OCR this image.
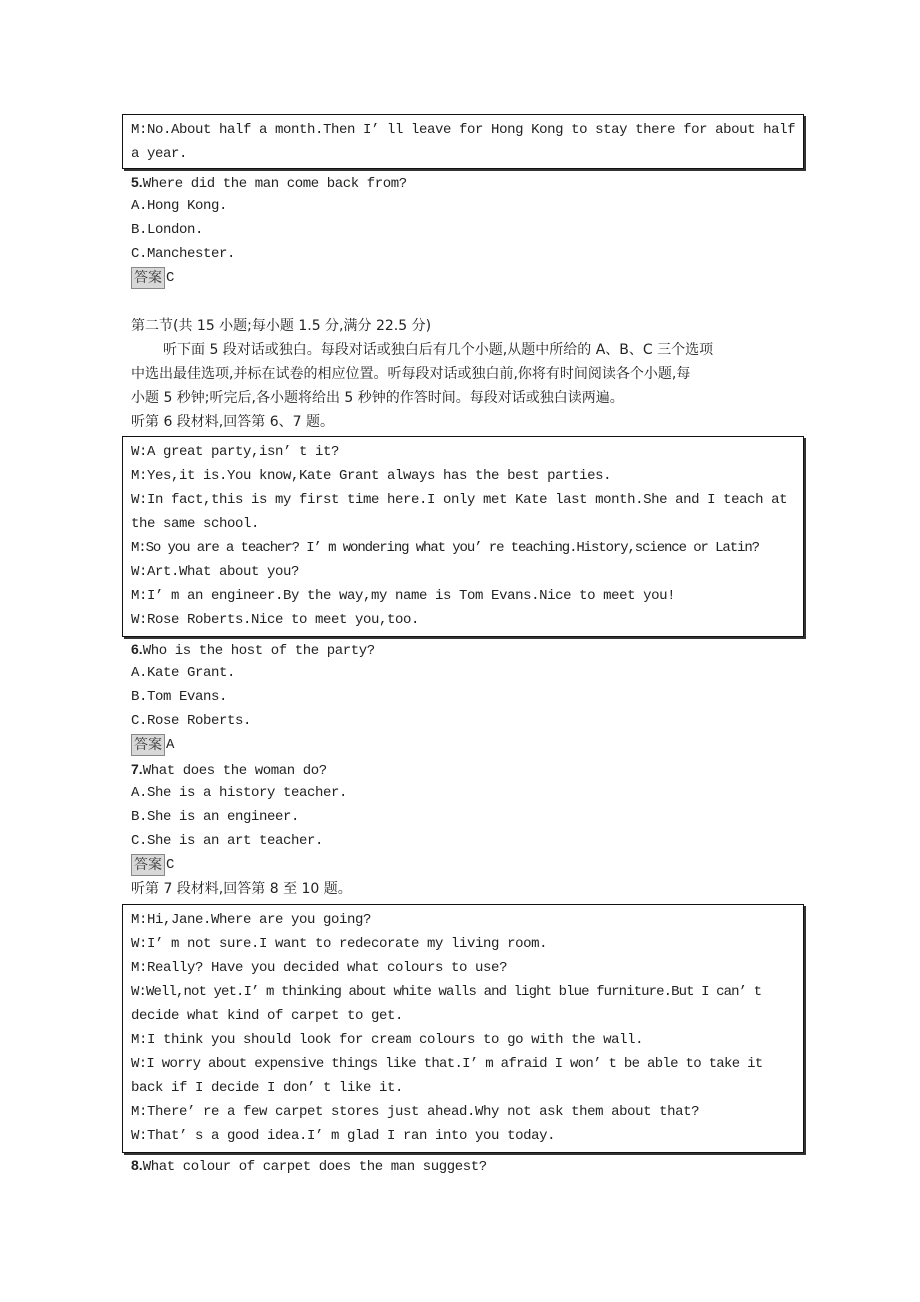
M:No.About half a month.Then I’ ll leave for Hong Kong to stay there for about half
a year.
5.Where did the man come back from?
A.Hong Kong.
B.London.
C.Manchester.
答案 C
第二节(共 15 小题;每小题 1.5 分,满分 22.5 分)
听下面 5 段对话或独白。每段对话或独白后有几个小题,从题中所给的 A、B、C 三个选项
中选出最佳选项,并标在试卷的相应位置。听每段对话或独白前,你将有时间阅读各个小题,每
小题 5 秒钟;听完后,各小题将给出 5 秒钟的作答时间。每段对话或独白读两遍。
听第 6 段材料,回答第 6、7 题。
W:A great party,isn’ t it?
M:Yes,it is.You know,Kate Grant always has the best parties.
W:In fact,this is my first time here.I only met Kate last month.She and I teach at
the same school.
M:So you are a teacher? I’ m wondering what you’ re teaching.History,science or Latin?
W:Art.What about you?
M:I’ m an engineer.By the way,my name is Tom Evans.Nice to meet you!
W:Rose Roberts.Nice to meet you,too.
6.Who is the host of the party?
A.Kate Grant.
B.Tom Evans.
C.Rose Roberts.
答案 A
7.What does the woman do?
A.She is a history teacher.
B.She is an engineer.
C.She is an art teacher.
答案 C
听第 7 段材料,回答第 8 至 10 题。
M:Hi,Jane.Where are you going?
W:I’ m not sure.I want to redecorate my living room.
M:Really? Have you decided what colours to use?
W:Well,not yet.I’ m thinking about white walls and light blue furniture.But I can’ t
decide what kind of carpet to get.
M:I think you should look for cream colours to go with the wall.
W:I worry about expensive things like that.I’ m afraid I won’ t be able to take it
back if I decide I don’ t like it.
M:There’ re a few carpet stores just ahead.Why not ask them about that?
W:That’ s a good idea.I’ m glad I ran into you today.
8.What colour of carpet does the man suggest?
